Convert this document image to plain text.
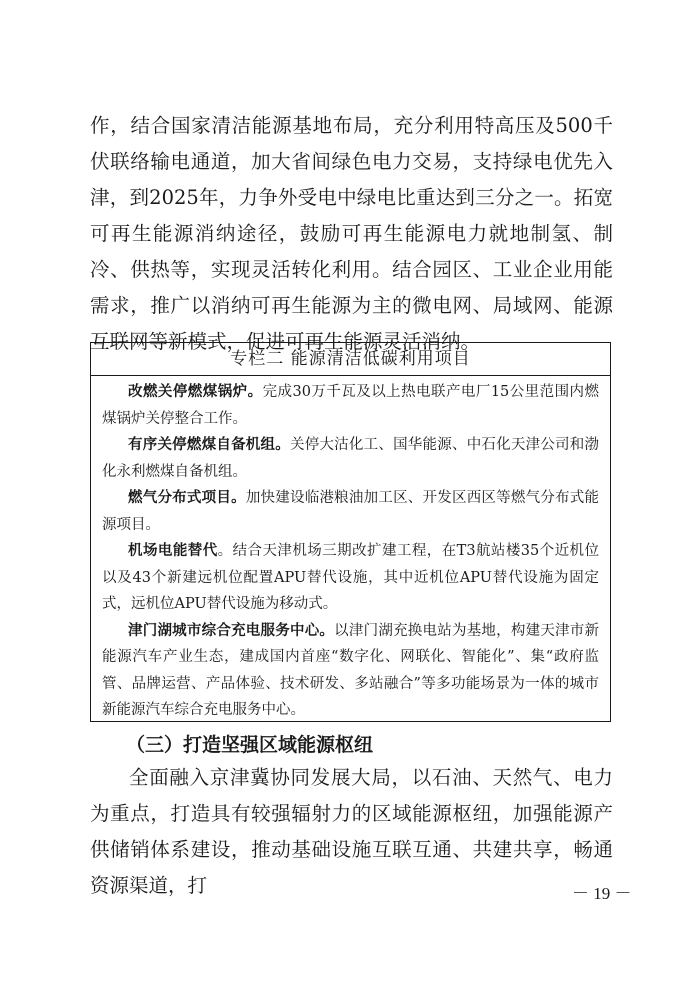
作，结合国家清洁能源基地布局，充分利用特高压及500千伏联络输电通道，加大省间绿色电力交易，支持绿电优先入津，到2025年，力争外受电中绿电比重达到三分之一。拓宽可再生能源消纳途径，鼓励可再生能源电力就地制氢、制冷、供热等，实现灵活转化利用。结合园区、工业企业用能需求，推广以消纳可再生能源为主的微电网、局域网、能源互联网等新模式，促进可再生能源灵活消纳。

专栏二 能源清洁低碳利用项目

改燃关停燃煤锅炉。完成30万千瓦及以上热电联产电厂15公里范围内燃煤锅炉关停整合工作。

有序关停燃煤自备机组。关停大沽化工、国华能源、中石化天津公司和渤化永利燃煤自备机组。

燃气分布式项目。加快建设临港粮油加工区、开发区西区等燃气分布式能源项目。

机场电能替代。结合天津机场三期改扩建工程，在T3航站楼35个近机位以及43个新建远机位配置APU替代设施，其中近机位APU替代设施为固定式，远机位APU替代设施为移动式。

津门湖城市综合充电服务中心。以津门湖充换电站为基地，构建天津市新能源汽车产业生态，建成国内首座“数字化、网联化、智能化”、集“政府监管、品牌运营、产品体验、技术研发、多站融合”等多功能场景为一体的城市新能源汽车综合充电服务中心。

（三）打造坚强区域能源枢纽

全面融入京津冀协同发展大局，以石油、天然气、电力为重点，打造具有较强辐射力的区域能源枢纽，加强能源产供储销体系建设，推动基础设施互联互通、共建共享，畅通资源渠道，打	－ 19 －
